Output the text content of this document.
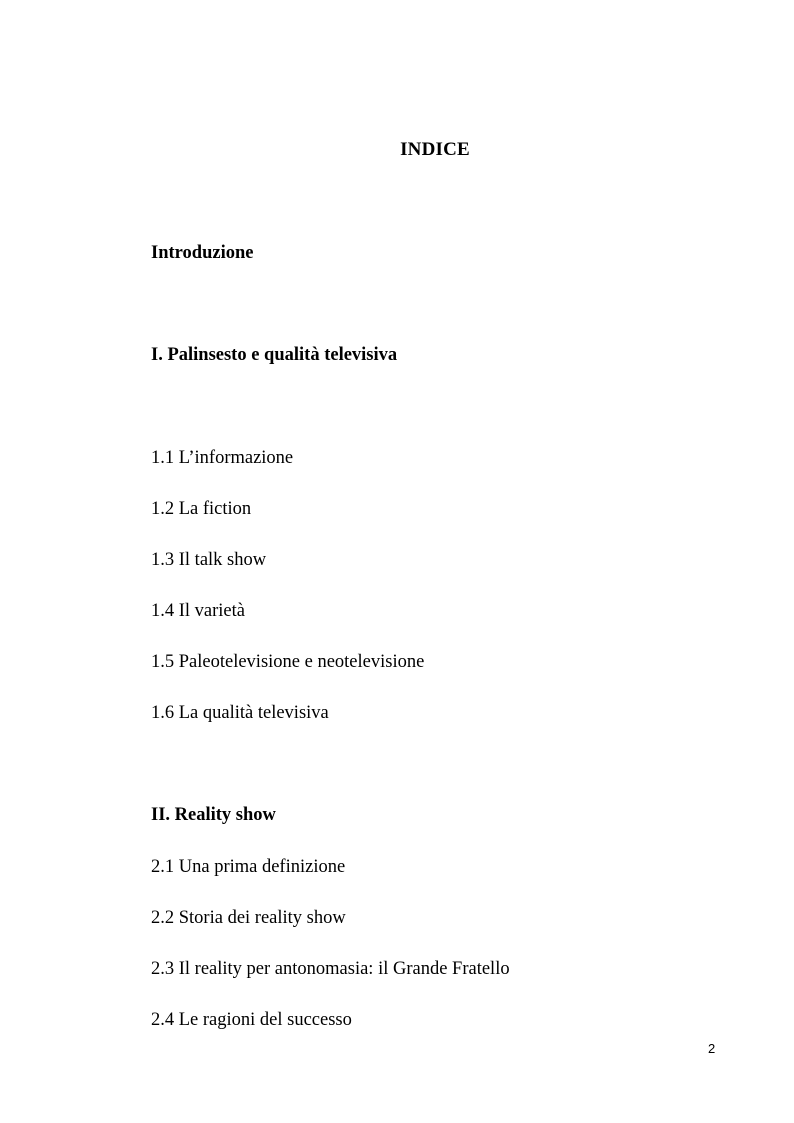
INDICE

Introduzione

I. Palinsesto e qualità televisiva

1.1 L’informazione

1.2 La fiction

1.3 Il talk show

1.4 Il varietà

1.5 Paleotelevisione e neotelevisione

1.6 La qualità televisiva

II. Reality show

2.1 Una prima definizione

2.2 Storia dei reality show

2.3 Il reality per antonomasia: il Grande Fratello

2.4 Le ragioni del successo

2
